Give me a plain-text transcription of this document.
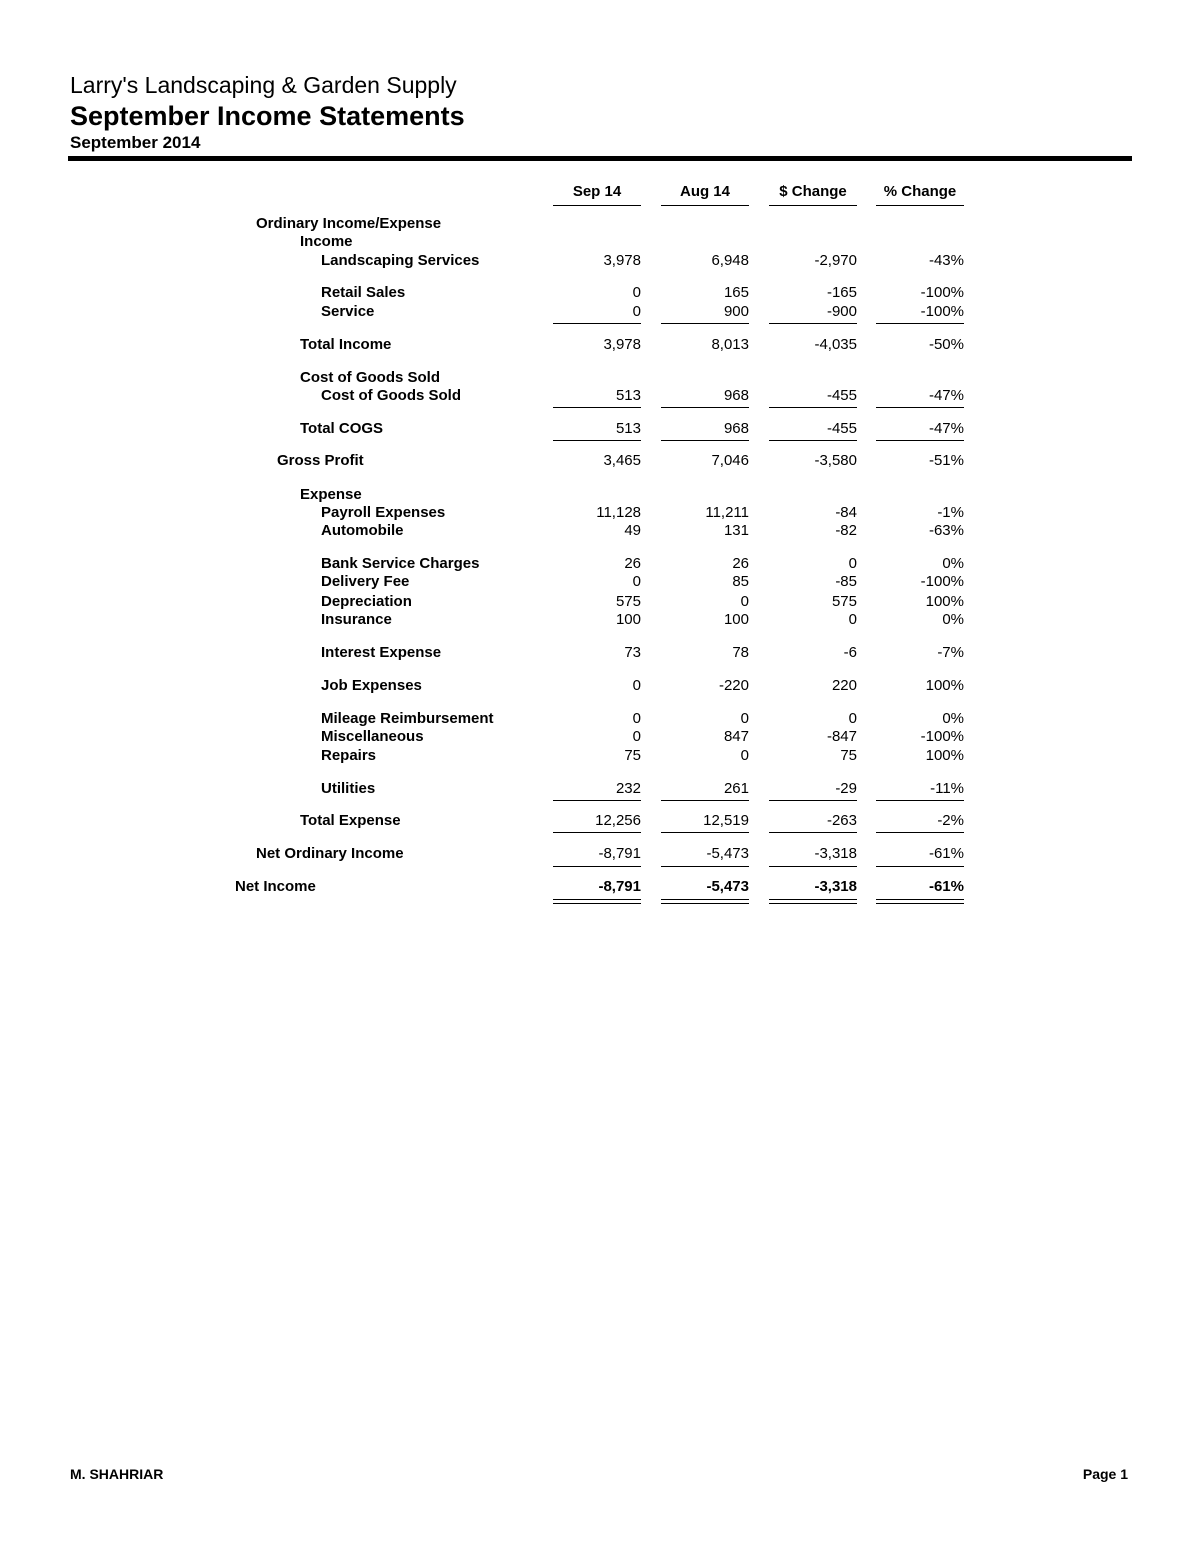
Larry's Landscaping & Garden Supply
September Income Statements
September 2014
Sep 14	Aug 14	$ Change	% Change
Ordinary Income/Expense
Income
Landscaping Services	3,978	6,948	-2,970	-43%
Retail Sales	0	165	-165	-100%
Service	0	900	-900	-100%
Total Income	3,978	8,013	-4,035	-50%
Cost of Goods Sold
Cost of Goods Sold	513	968	-455	-47%
Total COGS	513	968	-455	-47%
Gross Profit	3,465	7,046	-3,580	-51%
Expense
Payroll Expenses	11,128	11,211	-84	-1%
Automobile	49	131	-82	-63%
Bank Service Charges	26	26	0	0%
Delivery Fee	0	85	-85	-100%
Depreciation	575	0	575	100%
Insurance	100	100	0	0%
Interest Expense	73	78	-6	-7%
Job Expenses	0	-220	220	100%
Mileage Reimbursement	0	0	0	0%
Miscellaneous	0	847	-847	-100%
Repairs	75	0	75	100%
Utilities	232	261	-29	-11%
Total Expense	12,256	12,519	-263	-2%
Net Ordinary Income	-8,791	-5,473	-3,318	-61%
Net Income	-8,791	-5,473	-3,318	-61%
M. SHAHRIAR	Page 1
